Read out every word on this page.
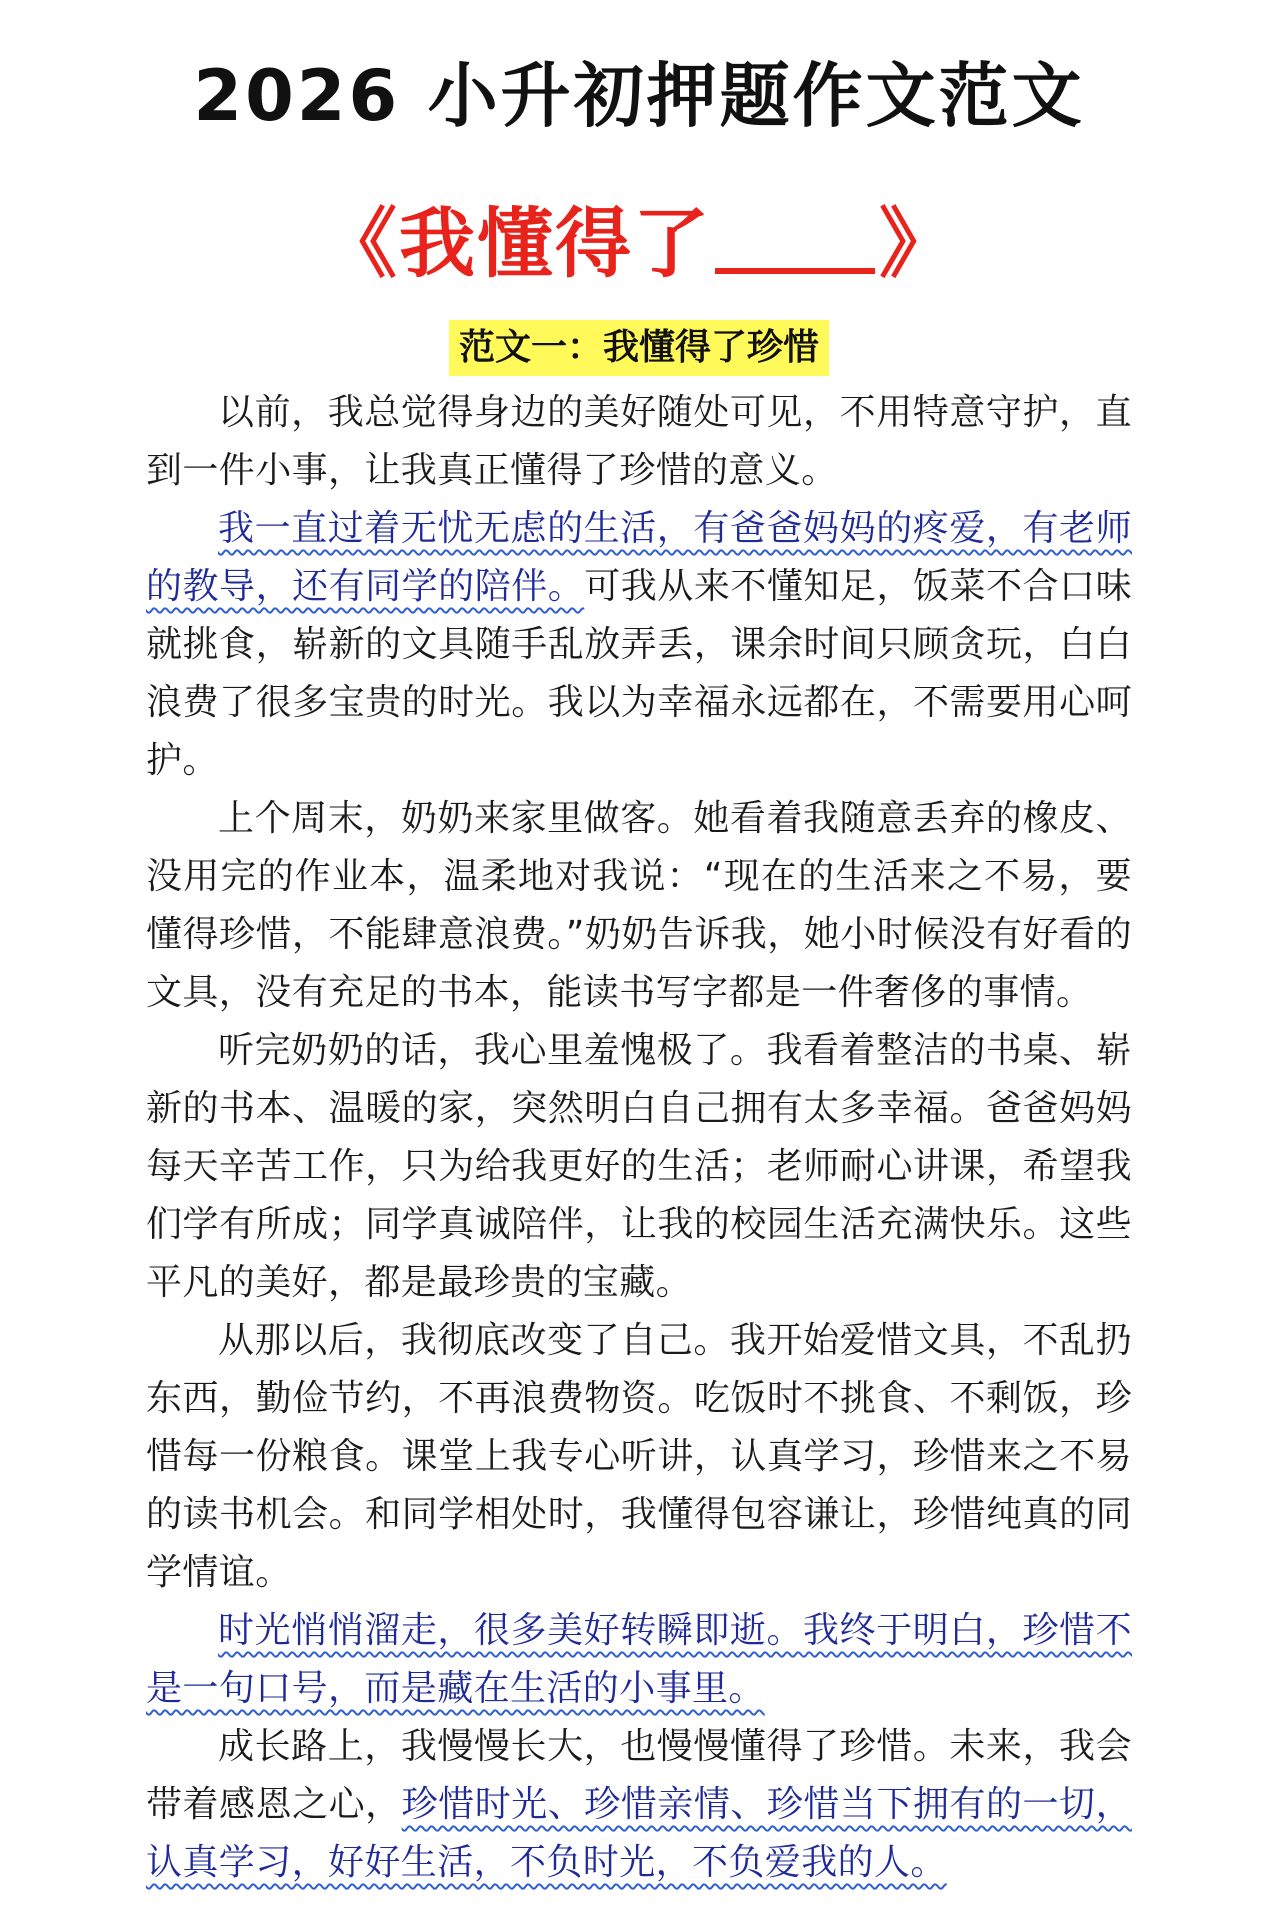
2026 小升初押题作文范文
《我懂得了 》
范文一：我懂得了珍惜

以前，我总觉得身边的美好随处可见，不用特意守护，直到一件小事，让我真正懂得了珍惜的意义。

我一直过着无忧无虑的生活，有爸爸妈妈的疼爱，有老师的教导，还有同学的陪伴。可我从来不懂知足，饭菜不合口味就挑食，崭新的文具随手乱放弄丢，课余时间只顾贪玩，白白浪费了很多宝贵的时光。我以为幸福永远都在，不需要用心呵护。

上个周末，奶奶来家里做客。她看着我随意丢弃的橡皮、没用完的作业本，温柔地对我说：“现在的生活来之不易，要懂得珍惜，不能肆意浪费。”奶奶告诉我，她小时候没有好看的文具，没有充足的书本，能读书写字都是一件奢侈的事情。

听完奶奶的话，我心里羞愧极了。我看着整洁的书桌、崭新的书本、温暖的家，突然明白自己拥有太多幸福。爸爸妈妈每天辛苦工作，只为给我更好的生活；老师耐心讲课，希望我们学有所成；同学真诚陪伴，让我的校园生活充满快乐。这些平凡的美好，都是最珍贵的宝藏。

从那以后，我彻底改变了自己。我开始爱惜文具，不乱扔东西，勤俭节约，不再浪费物资。吃饭时不挑食、不剩饭，珍惜每一份粮食。课堂上我专心听讲，认真学习，珍惜来之不易的读书机会。和同学相处时，我懂得包容谦让，珍惜纯真的同学情谊。

时光悄悄溜走，很多美好转瞬即逝。我终于明白，珍惜不是一句口号，而是藏在生活的小事里。

成长路上，我慢慢长大，也慢慢懂得了珍惜。未来，我会带着感恩之心，珍惜时光、珍惜亲情、珍惜当下拥有的一切，认真学习，好好生活，不负时光，不负爱我的人。
